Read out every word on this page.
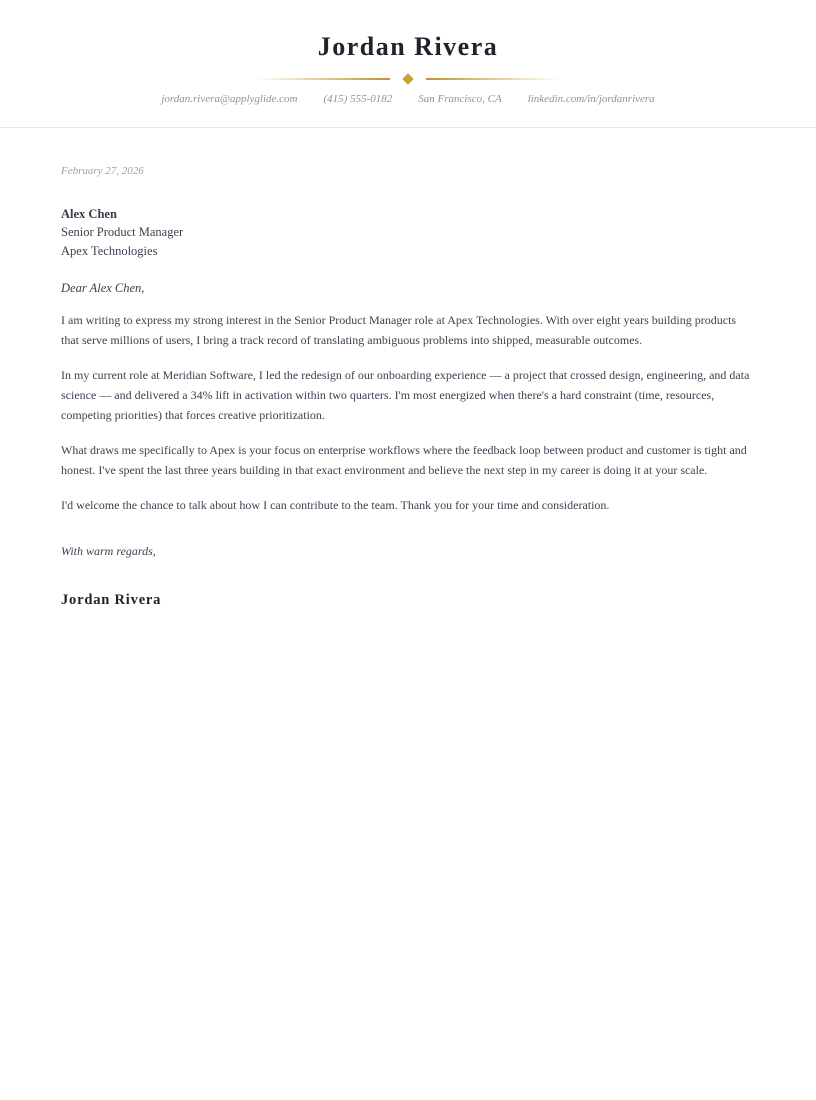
Jordan Rivera
jordan.rivera@applyglide.com (415) 555-0182 San Francisco, CA linkedin.com/in/jordanrivera

February 27, 2026

Alex Chen
Senior Product Manager
Apex Technologies

Dear Alex Chen,

I am writing to express my strong interest in the Senior Product Manager role at Apex Technologies. With over eight years building products that serve millions of users, I bring a track record of translating ambiguous problems into shipped, measurable outcomes.

In my current role at Meridian Software, I led the redesign of our onboarding experience — a project that crossed design, engineering, and data science — and delivered a 34% lift in activation within two quarters. I'm most energized when there's a hard constraint (time, resources, competing priorities) that forces creative prioritization.

What draws me specifically to Apex is your focus on enterprise workflows where the feedback loop between product and customer is tight and honest. I've spent the last three years building in that exact environment and believe the next step in my career is doing it at your scale.

I'd welcome the chance to talk about how I can contribute to the team. Thank you for your time and consideration.

With warm regards,

Jordan Rivera
